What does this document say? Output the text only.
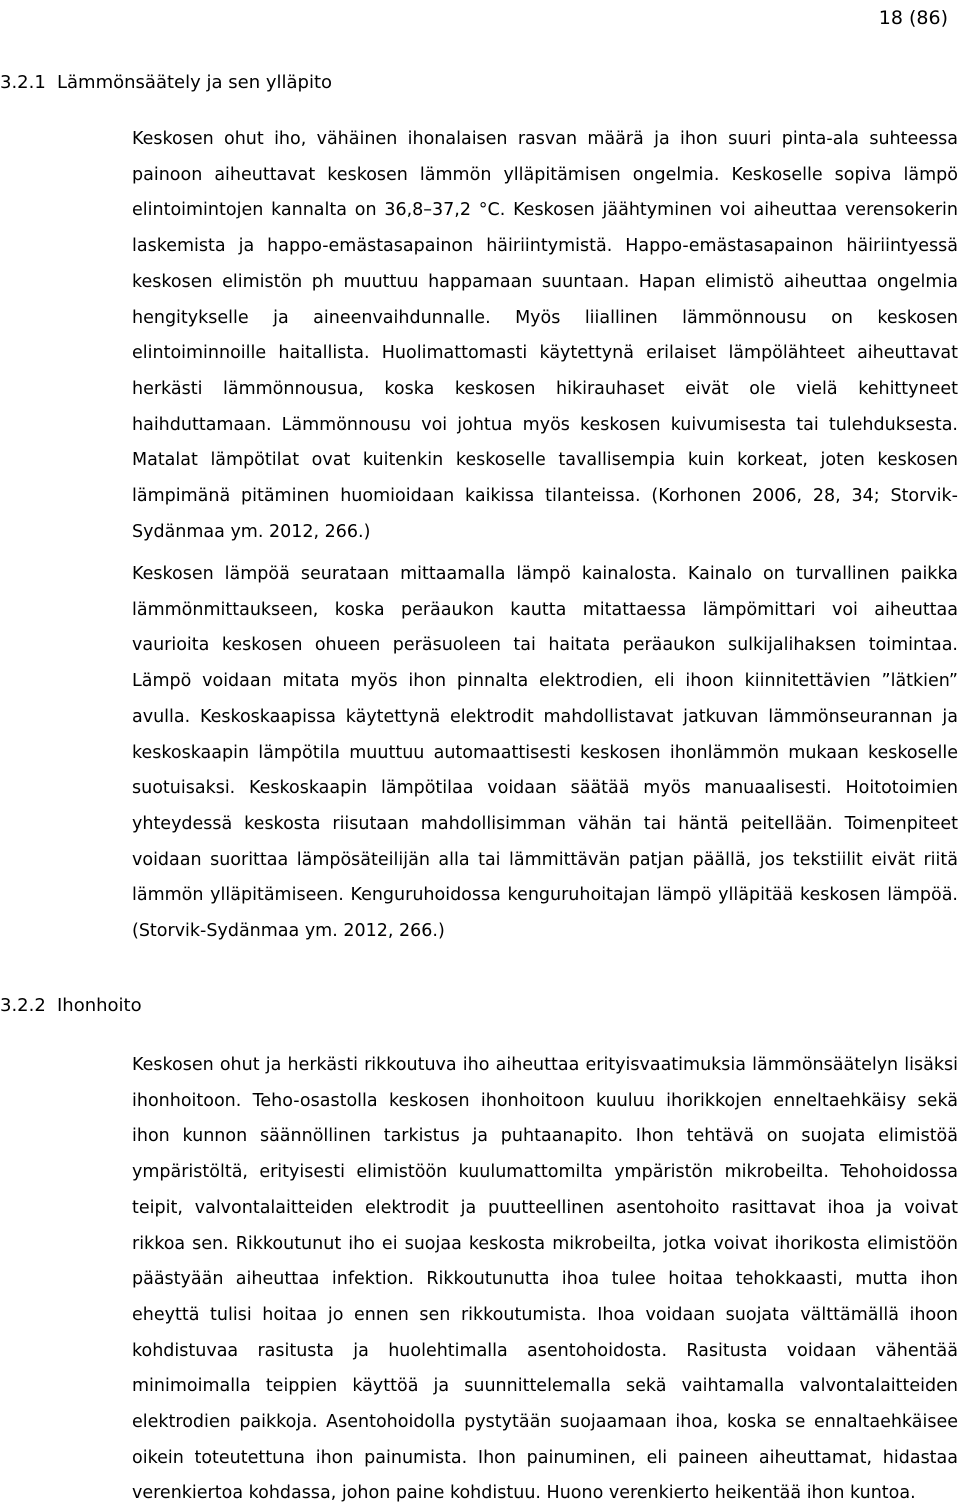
18 (86)
3.2.1 Lämmönsäätely ja sen ylläpito

Keskosen ohut iho, vähäinen ihonalaisen rasvan määrä ja ihon suuri pinta-ala suhteessa painoon aiheuttavat keskosen lämmön ylläpitämisen ongelmia. Keskoselle sopiva lämpö elintoimintojen kannalta on 36,8–37,2 °C. Keskosen jäähtyminen voi aiheuttaa verensokerin laskemista ja happo-emästasapainon häiriintymistä. Happo-emästasapainon häiriintyessä keskosen elimistön ph muuttuu happamaan suuntaan. Hapan elimistö aiheuttaa ongelmia hengitykselle ja aineenvaihdunnalle. Myös liiallinen lämmönnousu on keskosen elintoiminnoille haitallista. Huolimattomasti käytettynä erilaiset lämpölähteet aiheuttavat herkästi lämmönnousua, koska keskosen hikirauhaset eivät ole vielä kehittyneet haihduttamaan. Lämmönnousu voi johtua myös keskosen kuivumisesta tai tulehduksesta. Matalat lämpötilat ovat kuitenkin keskoselle tavallisempia kuin korkeat, joten keskosen lämpimänä pitäminen huomioidaan kaikissa tilanteissa. (Korhonen 2006, 28, 34; Storvik-Sydänmaa ym. 2012, 266.)

Keskosen lämpöä seurataan mittaamalla lämpö kainalosta. Kainalo on turvallinen paikka lämmönmittaukseen, koska peräaukon kautta mitattaessa lämpömittari voi aiheuttaa vaurioita keskosen ohueen peräsuoleen tai haitata peräaukon sulkijalihaksen toimintaa. Lämpö voidaan mitata myös ihon pinnalta elektrodien, eli ihoon kiinnitettävien ”lätkien” avulla. Keskoskaapissa käytettynä elektrodit mahdollistavat jatkuvan lämmönseurannan ja keskoskaapin lämpötila muuttuu automaattisesti keskosen ihonlämmön mukaan keskoselle suotuisaksi. Keskoskaapin lämpötilaa voidaan säätää myös manuaalisesti. Hoitotoimien yhteydessä keskosta riisutaan mahdollisimman vähän tai häntä peitellään. Toimenpiteet voidaan suorittaa lämpösäteilijän alla tai lämmittävän patjan päällä, jos tekstiilit eivät riitä lämmön ylläpitämiseen. Kenguruhoidossa kenguruhoitajan lämpö ylläpitää keskosen lämpöä. (Storvik-Sydänmaa ym. 2012, 266.)

3.2.2 Ihonhoito

Keskosen ohut ja herkästi rikkoutuva iho aiheuttaa erityisvaatimuksia lämmönsäätelyn lisäksi ihonhoitoon. Teho-osastolla keskosen ihonhoitoon kuuluu ihorikkojen enneltaehkäisy sekä ihon kunnon säännöllinen tarkistus ja puhtaanapito. Ihon tehtävä on suojata elimistöä ympäristöltä, erityisesti elimistöön kuulumattomilta ympäristön mikrobeilta. Tehohoidossa teipit, valvontalaitteiden elektrodit ja puutteellinen asentohoito rasittavat ihoa ja voivat rikkoa sen. Rikkoutunut iho ei suojaa keskosta mikrobeilta, jotka voivat ihorikosta elimistöön päästyään aiheuttaa infektion. Rikkoutunutta ihoa tulee hoitaa tehokkaasti, mutta ihon eheyttä tulisi hoitaa jo ennen sen rikkoutumista. Ihoa voidaan suojata välttämällä ihoon kohdistuvaa rasitusta ja huolehtimalla asentohoidosta. Rasitusta voidaan vähentää minimoimalla teippien käyttöä ja suunnittelemalla sekä vaihtamalla valvontalaitteiden elektrodien paikkoja. Asentohoidolla pystytään suojaamaan ihoa, koska se ennaltaehkäisee oikein toteutettuna ihon painumista. Ihon painuminen, eli paineen aiheuttamat, hidastaa verenkiertoa kohdassa, johon paine kohdistuu. Huono verenkierto heikentää ihon kuntoa.
